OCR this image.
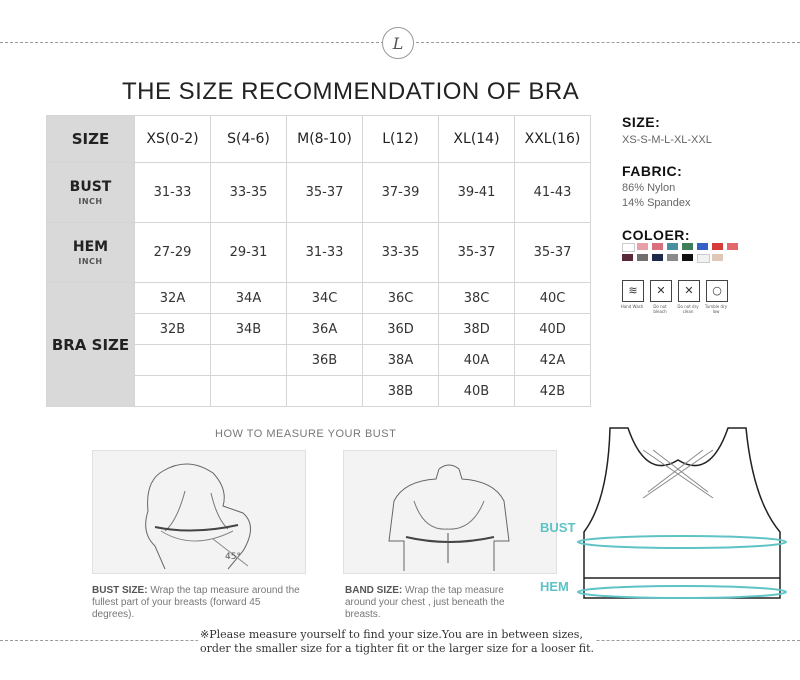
L
THE SIZE RECOMMENDATION OF BRA
SIZE	XS(0-2)	S(4-6)	M(8-10)	L(12)	XL(14)	XXL(16)

BUST
INCH	31-33	33-35	35-37	37-39	39-41	41-43

HEM
INCH	27-29	29-31	31-33	33-35	35-37	35-37
BRA SIZE	32A	34A	34C	36C	38C	40C
	32B	34B	36A	36D	38D	40D
			36B	38A	40A	42A
				38B	40B	42B
SIZE:
XS-S-M-L-XL-XXL
FABRIC:
86% Nylon
14% Spandex
COLOER:
≋
Hand Wash
✕
Do not bleach
✕
Do not dry clean
○
Tumble dry low
HOW TO MEASURE YOUR BUST
45°
BUST SIZE: Wrap the tap measure around the fullest part of your breasts (forward 45 degrees).
BAND SIZE: Wrap the tap measure around your chest , just beneath the breasts.
BUST
HEM
※Please measure yourself to find your size.You are in between sizes,
order the smaller size for a tighter fit or the larger size for a looser fit.
